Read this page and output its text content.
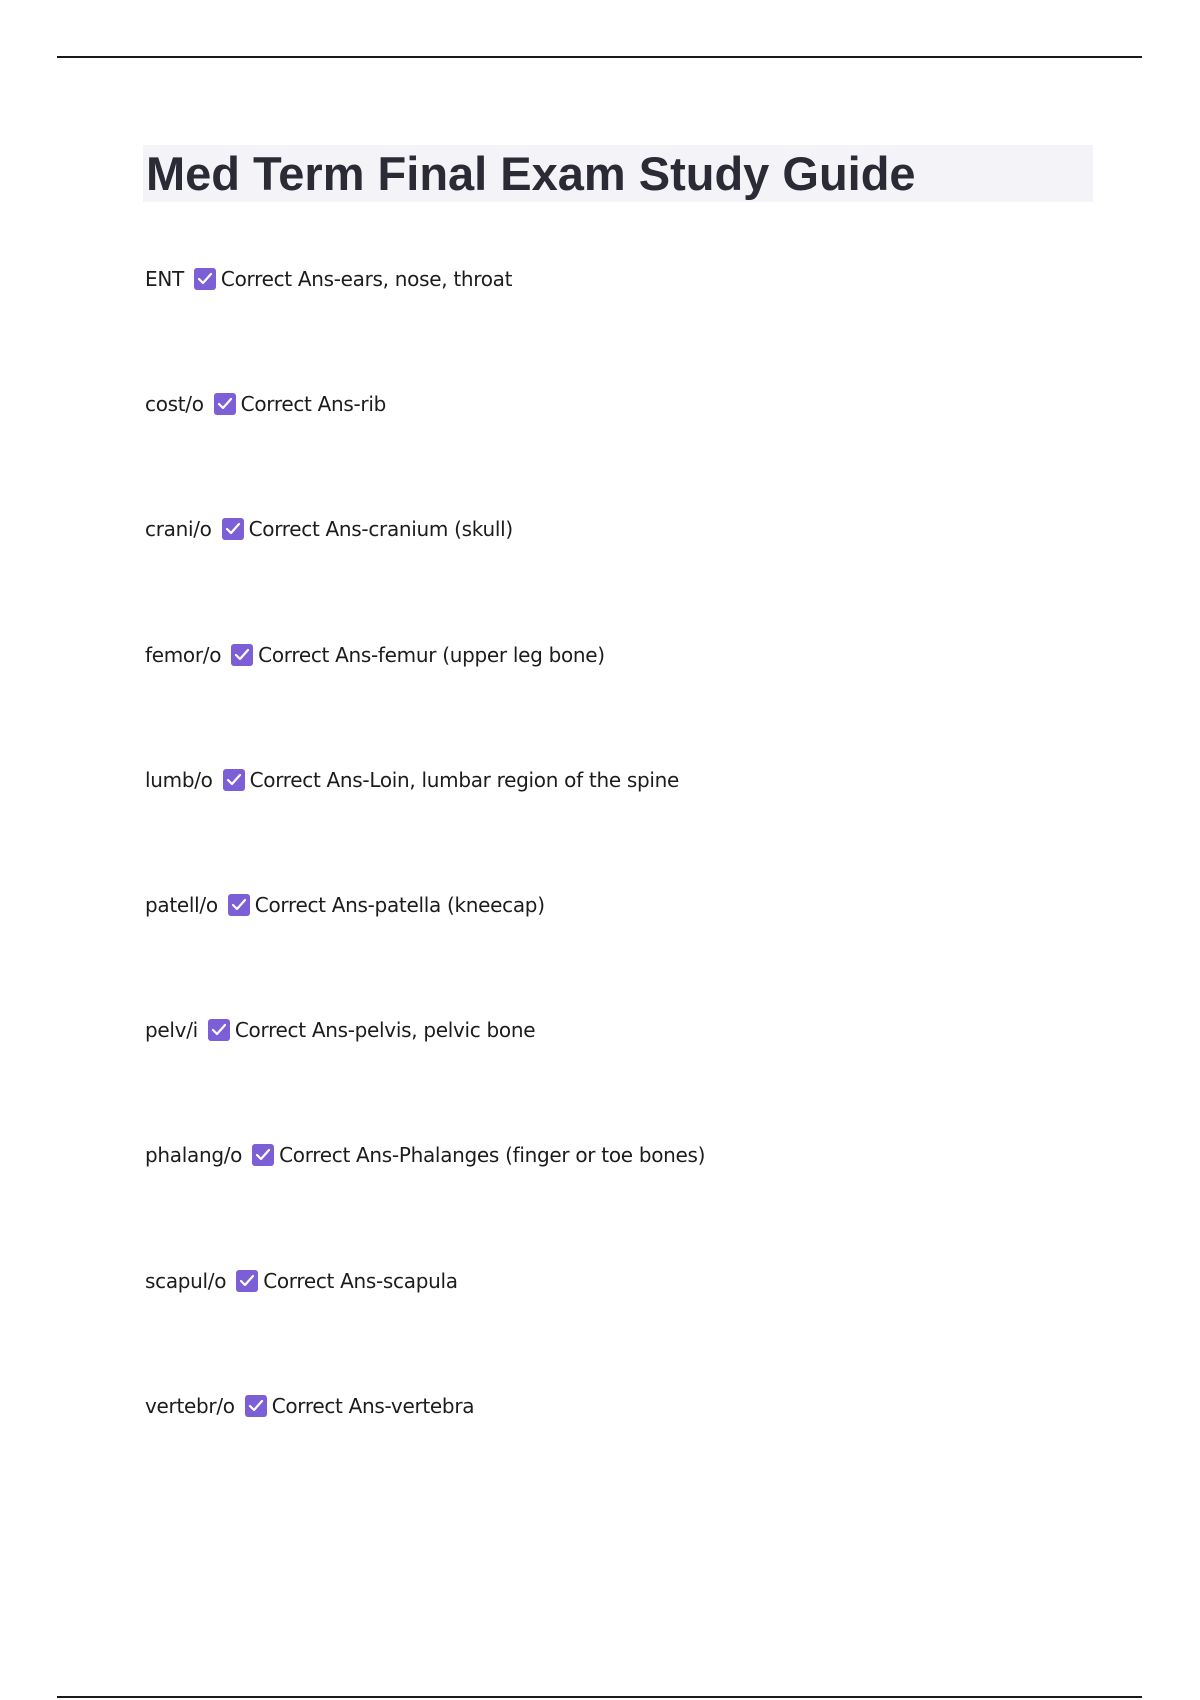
Med Term Final Exam Study Guide
ENT Correct Ans-ears, nose, throat
cost/o Correct Ans-rib
crani/o Correct Ans-cranium (skull)
femor/o Correct Ans-femur (upper leg bone)
lumb/o Correct Ans-Loin, lumbar region of the spine
patell/o Correct Ans-patella (kneecap)
pelv/i Correct Ans-pelvis, pelvic bone
phalang/o Correct Ans-Phalanges (finger or toe bones)
scapul/o Correct Ans-scapula
vertebr/o Correct Ans-vertebra
